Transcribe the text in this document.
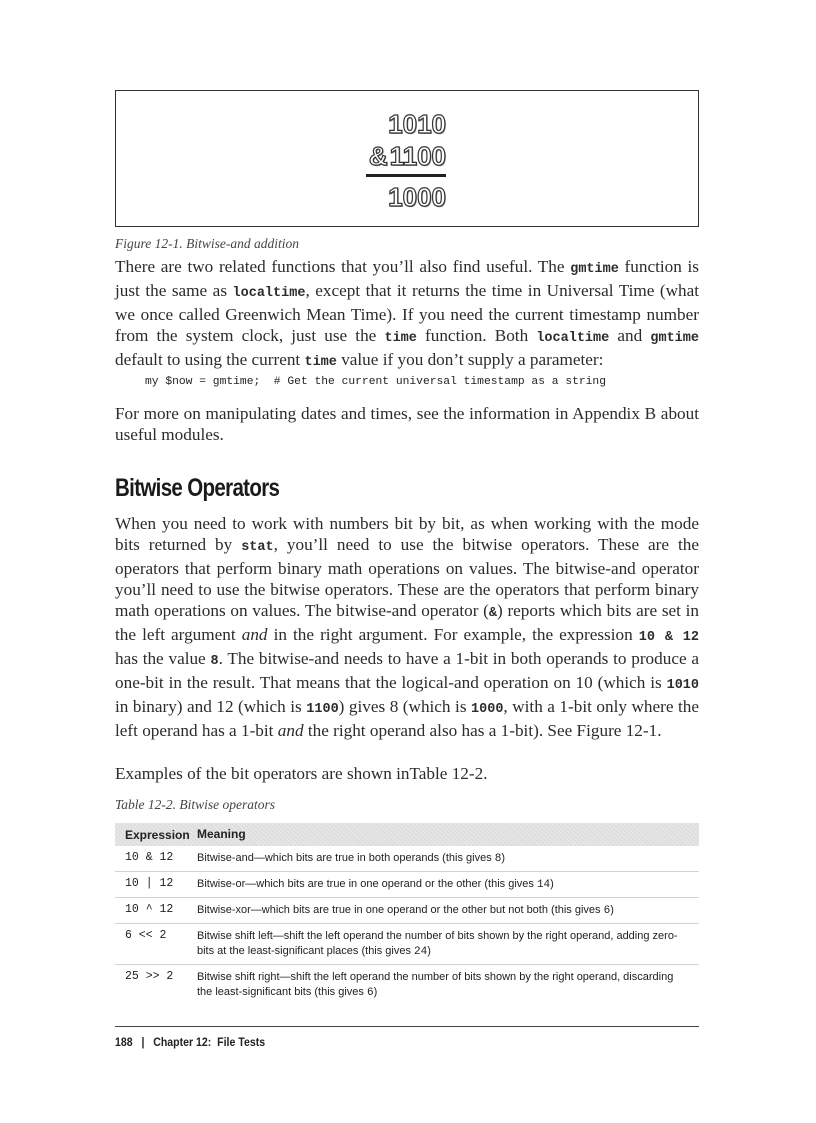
1010
&1100
1000
Figure 12-1. Bitwise-and addition
There are two related functions that you’ll also find useful. The gmtime function is just the same as localtime, except that it returns the time in Universal Time (what we once called Greenwich Mean Time). If you need the current timestamp number from the system clock, just use the time function. Both localtime and gmtime default to using the current time value if you don’t supply a parameter:
my $now = gmtime;  # Get the current universal timestamp as a string
For more on manipulating dates and times, see the information in Appendix B about useful modules.
Bitwise Operators
When you need to work with numbers bit by bit, as when working with the mode bits returned by stat, you’ll need to use the bitwise operators. These are the operators that perform binary math operations on values. The bitwise-and operator you’ll need to use the bitwise operators. These are the operators that perform binary math operations on values. The bitwise-and operator (&) reports which bits are set in the left argument and in the right argument. For example, the expression 10 & 12 has the value 8. The bitwise-and needs to have a 1-bit in both operands to produce a one-bit in the result. That means that the logical-and operation on 10 (which is 1010 in binary) and 12 (which is 1100) gives 8 (which is 1000, with a 1-bit only where the left operand has a 1-bit and the right operand also has a 1-bit). See Figure 12-1.
Examples of the bit operators are shown inTable 12-2.
Table 12-2. Bitwise operators
Expression Meaning
10 & 12	Bitwise-and—which bits are true in both operands (this gives 8)
10 | 12	Bitwise-or—which bits are true in one operand or the other (this gives 14)
10 ^ 12	Bitwise-xor—which bits are true in one operand or the other but not both (this gives 6)
6 << 2	Bitwise shift left—shift the left operand the number of bits shown by the right operand, adding zero-bits at the least-significant places (this gives 24)
25 >> 2	Bitwise shift right—shift the left operand the number of bits shown by the right operand, discarding the least-significant bits (this gives 6)
188 | Chapter 12:  File Tests
